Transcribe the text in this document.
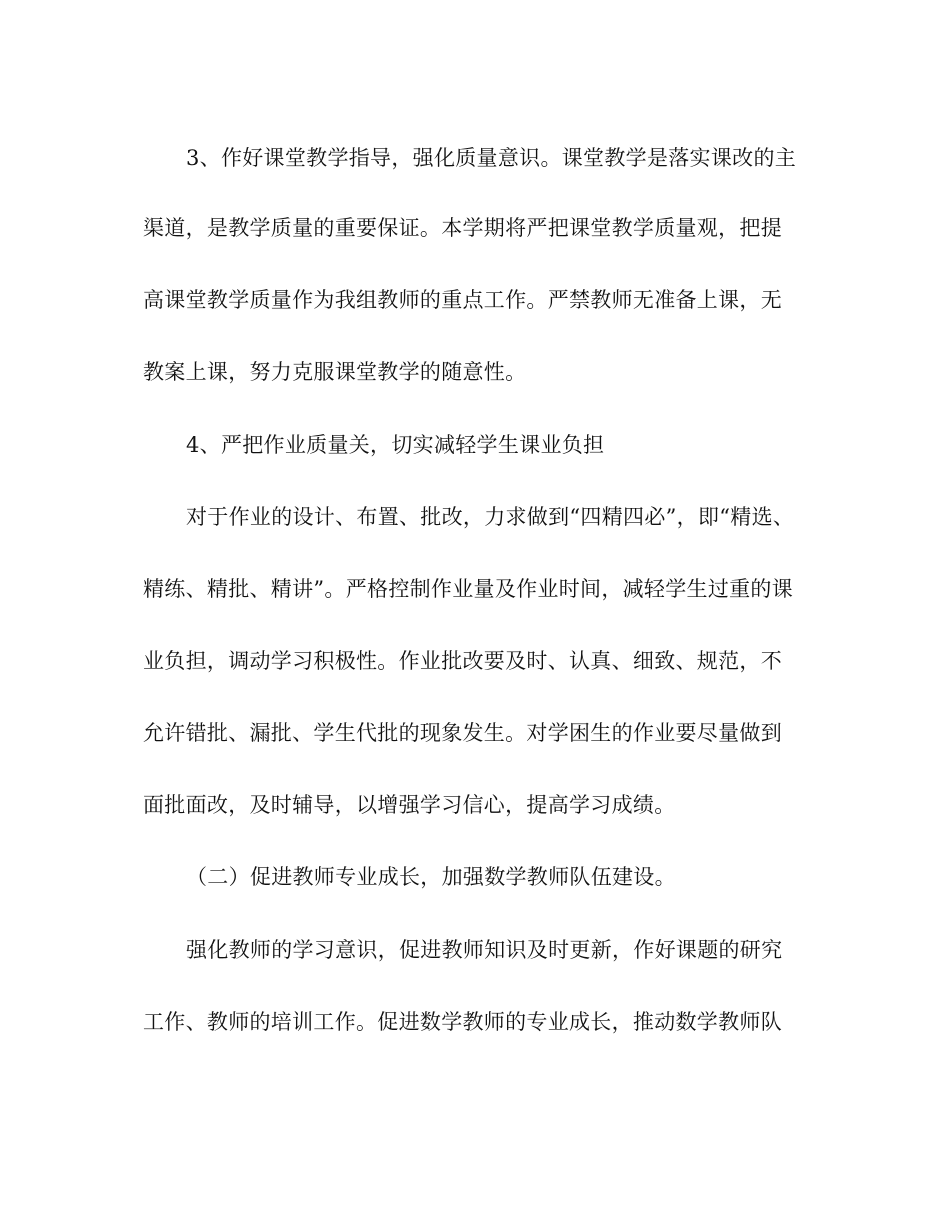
3、作好课堂教学指导，强化质量意识。课堂教学是落实课改的主
渠道，是教学质量的重要保证。本学期将严把课堂教学质量观，把提
高课堂教学质量作为我组教师的重点工作。严禁教师无准备上课，无
教案上课，努力克服课堂教学的随意性。
4、严把作业质量关，切实减轻学生课业负担
对于作业的设计、布置、批改，力求做到“四精四必”，即“精选、
精练、精批、精讲”。严格控制作业量及作业时间，减轻学生过重的课
业负担，调动学习积极性。作业批改要及时、认真、细致、规范，不
允许错批、漏批、学生代批的现象发生。对学困生的作业要尽量做到
面批面改，及时辅导，以增强学习信心，提高学习成绩。
（二）促进教师专业成长，加强数学教师队伍建设。
强化教师的学习意识，促进教师知识及时更新，作好课题的研究
工作、教师的培训工作。促进数学教师的专业成长，推动数学教师队
